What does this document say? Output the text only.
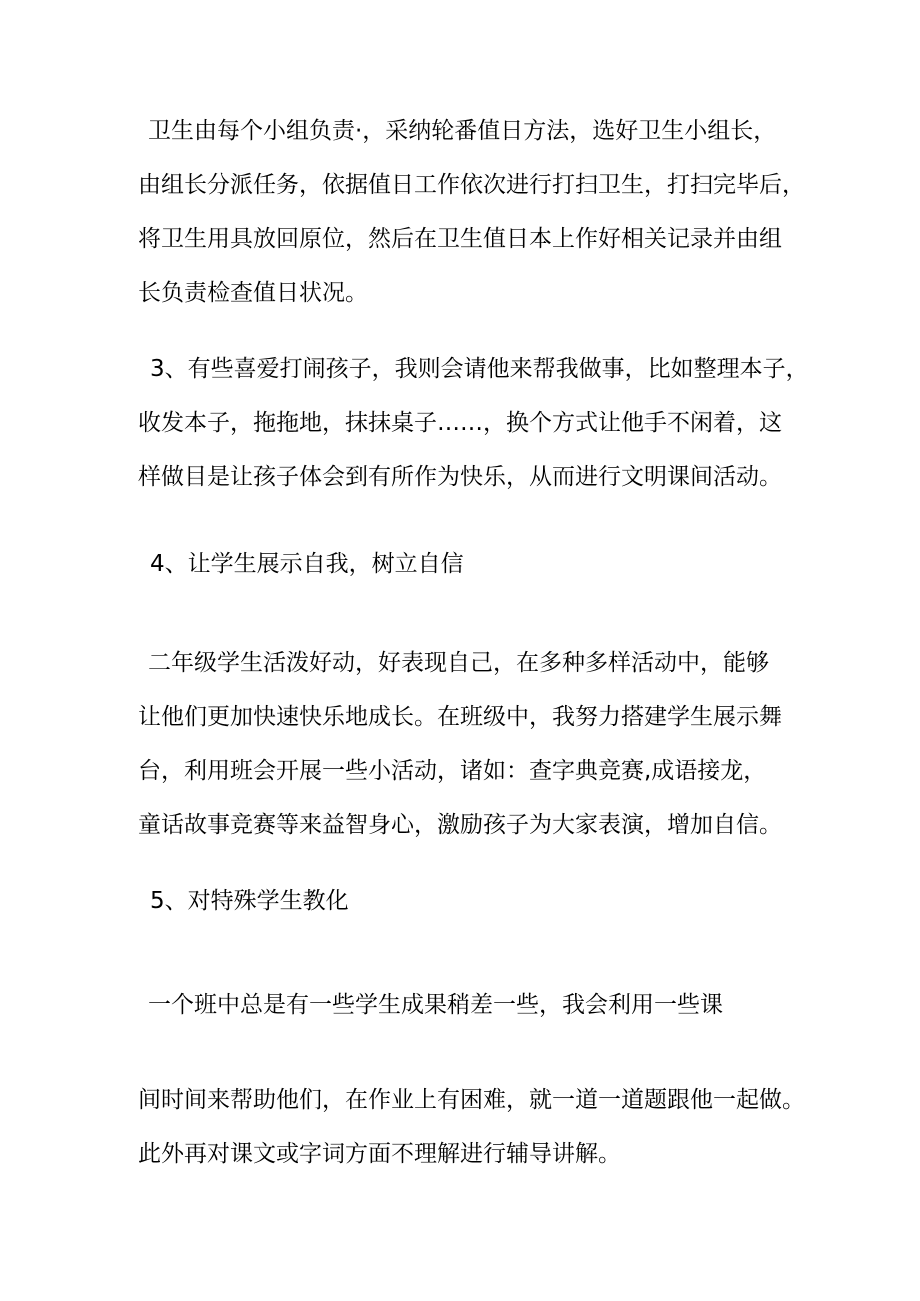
卫生由每个小组负责·，采纳轮番值日方法，选好卫生小组长，
由组长分派任务，依据值日工作依次进行打扫卫生，打扫完毕后，
将卫生用具放回原位，然后在卫生值日本上作好相关记录并由组
长负责检查值日状况。
3、有些喜爱打闹孩子，我则会请他来帮我做事，比如整理本子，
收发本子，拖拖地，抹抹桌子……，换个方式让他手不闲着，这
样做目是让孩子体会到有所作为快乐，从而进行文明课间活动。
4、让学生展示自我，树立自信
二年级学生活泼好动，好表现自己，在多种多样活动中，能够
让他们更加快速快乐地成长。在班级中，我努力搭建学生展示舞
台，利用班会开展一些小活动，诸如：查字典竞赛,成语接龙，
童话故事竞赛等来益智身心，激励孩子为大家表演，增加自信。
5、对特殊学生教化
一个班中总是有一些学生成果稍差一些，我会利用一些课
间时间来帮助他们，在作业上有困难，就一道一道题跟他一起做。
此外再对课文或字词方面不理解进行辅导讲解。
